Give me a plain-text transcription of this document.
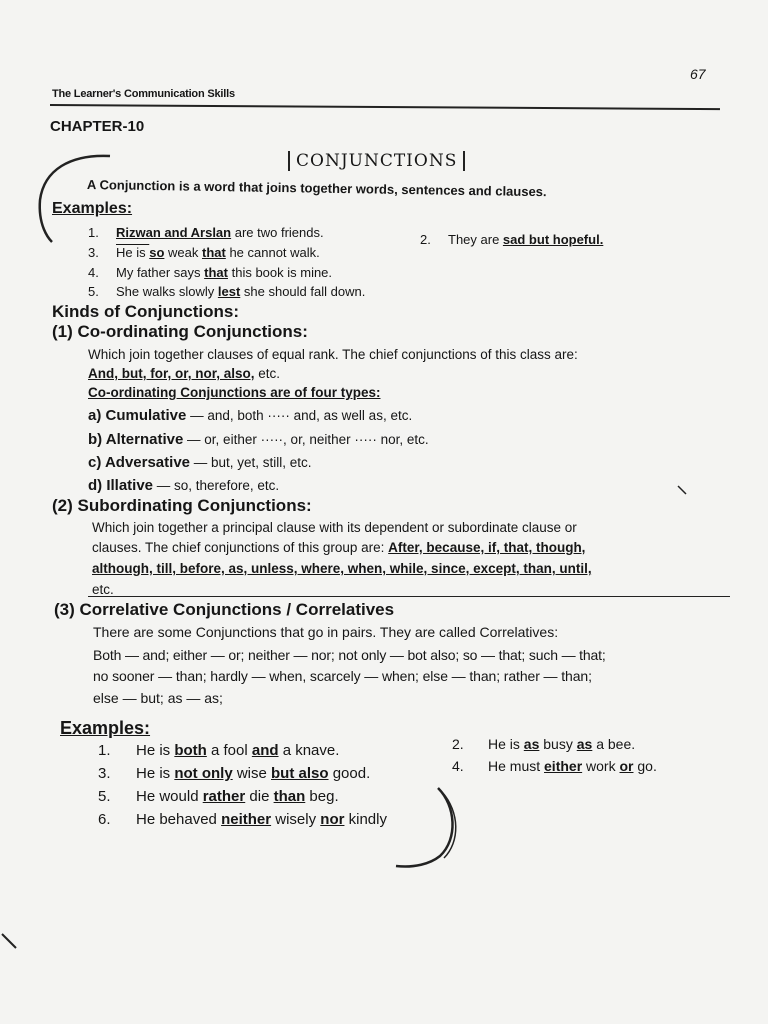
The Learner's Communication Skills
67
CHAPTER-10
CONJUNCTIONS
A Conjunction is a word that joins together words, sentences and clauses.
Examples:
1. Rizwan and Arslan are two friends.	2. They are sad but hopeful.
3. He is so weak that he cannot walk.
4. My father says that this book is mine.
5. She walks slowly lest she should fall down.
Kinds of Conjunctions:
(1) Co-ordinating Conjunctions:
Which join together clauses of equal rank. The chief conjunctions of this class are:
And, but, for, or, nor, also, etc.
Co-ordinating Conjunctions are of four types:
a) Cumulative — and, both ····· and, as well as, etc.
b) Alternative — or, either ·····, or, neither ····· nor, etc.
c) Adversative — but, yet, still, etc.
d) Illative — so, therefore, etc.
(2) Subordinating Conjunctions:
Which join together a principal clause with its dependent or subordinate clause or
clauses. The chief conjunctions of this group are: After, because, if, that, though,
although, till, before, as, unless, where, when, while, since, except, than, until,
etc.
(3) Correlative Conjunctions / Correlatives
There are some Conjunctions that go in pairs. They are called Correlatives:
Both — and; either — or; neither — nor; not only — bot also; so — that; such — that;
no sooner — than; hardly — when, scarcely — when; else — than; rather — than;
else — but; as — as;
Examples:
1. He is both a fool and a knave.	2. He is as busy as a bee.
3. He is not only wise but also good.	4. He must either work or go.
5. He would rather die than beg.
6. He behaved neither wisely nor kindly
